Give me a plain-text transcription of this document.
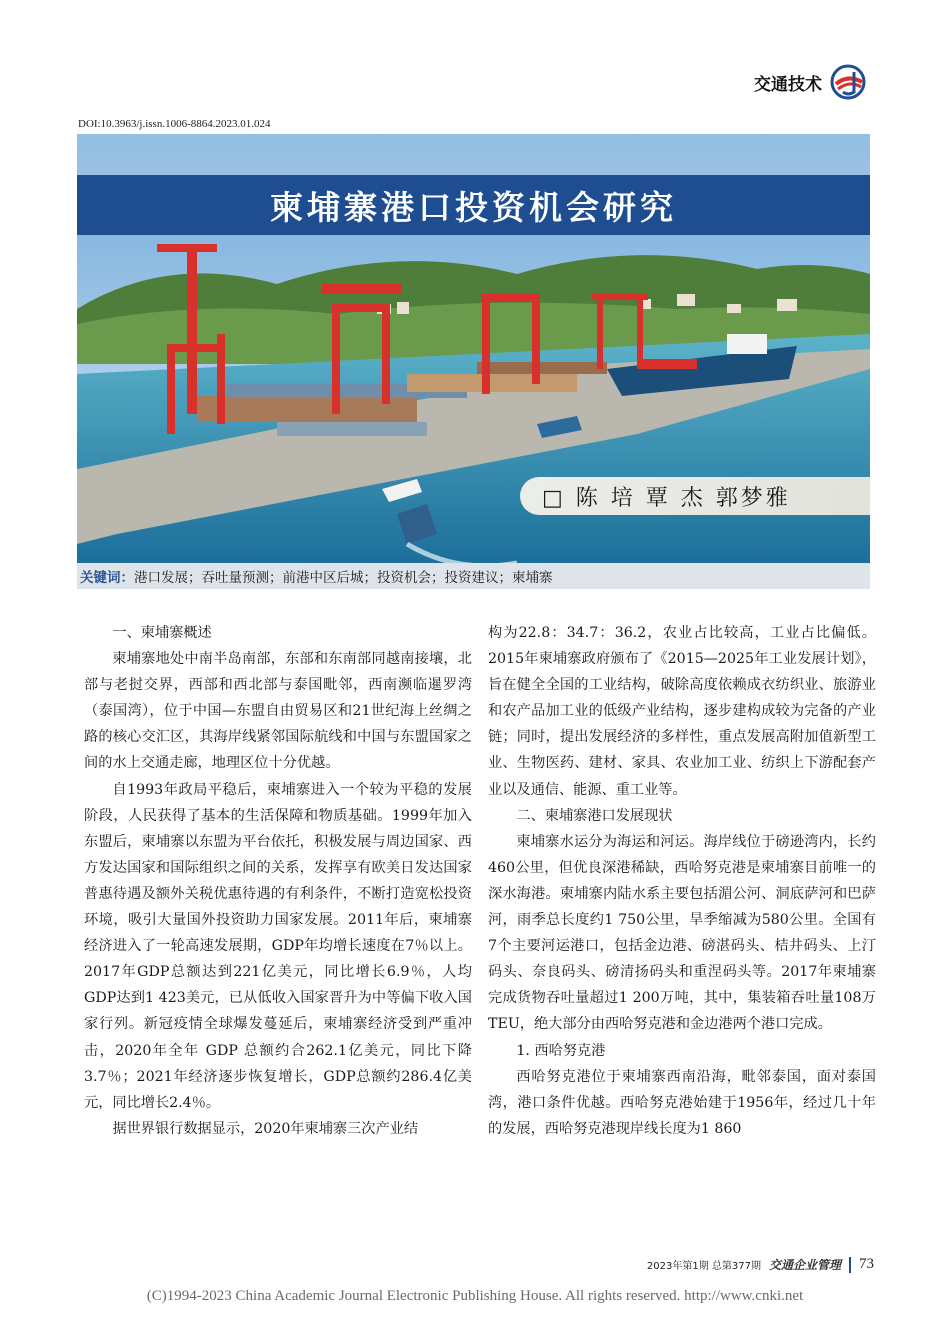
交通技术
DOI:10.3963/j.issn.1006-8864.2023.01.024
柬埔寨港口投资机会研究
□ 陈 培 覃 杰 郭梦雅
关键词： 港口发展；吞吐量预测；前港中区后城；投资机会；投资建议；柬埔寨

一、柬埔寨概述

柬埔寨地处中南半岛南部，东部和东南部同越南接壤，北部与老挝交界，西部和西北部与泰国毗邻，西南濒临暹罗湾（泰国湾），位于中国—东盟自由贸易区和21世纪海上丝绸之路的核心交汇区，其海岸线紧邻国际航线和中国与东盟国家之间的水上交通走廊，地理区位十分优越。

自1993年政局平稳后，柬埔寨进入一个较为平稳的发展阶段，人民获得了基本的生活保障和物质基础。1999年加入东盟后，柬埔寨以东盟为平台依托，积极发展与周边国家、西方发达国家和国际组织之间的关系，发挥享有欧美日发达国家普惠待遇及额外关税优惠待遇的有利条件，不断打造宽松投资环境，吸引大量国外投资助力国家发展。2011年后，柬埔寨经济进入了一轮高速发展期，GDP年均增长速度在7％以上。2017年GDP总额达到221亿美元，同比增长6.9％，人均GDP达到1 423美元，已从低收入国家晋升为中等偏下收入国家行列。新冠疫情全球爆发蔓延后，柬埔寨经济受到严重冲击，2020年全年 GDP 总额约合262.1亿美元，同比下降3.7％；2021年经济逐步恢复增长，GDP总额约286.4亿美元，同比增长2.4％。

据世界银行数据显示，2020年柬埔寨三次产业结

构为22.8：34.7：36.2，农业占比较高，工业占比偏低。2015年柬埔寨政府颁布了《2015—2025年工业发展计划》，旨在健全全国的工业结构，破除高度依赖成衣纺织业、旅游业和农产品加工业的低级产业结构，逐步建构成较为完备的产业链；同时，提出发展经济的多样性，重点发展高附加值新型工业、生物医药、建材、家具、农业加工业、纺织上下游配套产业以及通信、能源、重工业等。

二、柬埔寨港口发展现状

柬埔寨水运分为海运和河运。海岸线位于磅逊湾内，长约460公里，但优良深港稀缺，西哈努克港是柬埔寨目前唯一的深水海港。柬埔寨内陆水系主要包括湄公河、洞底萨河和巴萨河，雨季总长度约1 750公里，旱季缩减为580公里。全国有7个主要河运港口，包括金边港、磅湛码头、桔井码头、上汀码头、奈良码头、磅清扬码头和重涅码头等。2017年柬埔寨完成货物吞吐量超过1 200万吨，其中，集装箱吞吐量108万TEU，绝大部分由西哈努克港和金边港两个港口完成。

1. 西哈努克港

西哈努克港位于柬埔寨西南沿海，毗邻泰国，面对泰国湾，港口条件优越。西哈努克港始建于1956年，经过几十年的发展，西哈努克港现岸线长度为1 860

2023年第1期 总第377期 交通企业管理 73
(C)1994-2023 China Academic Journal Electronic Publishing House. All rights reserved. http://www.cnki.net
